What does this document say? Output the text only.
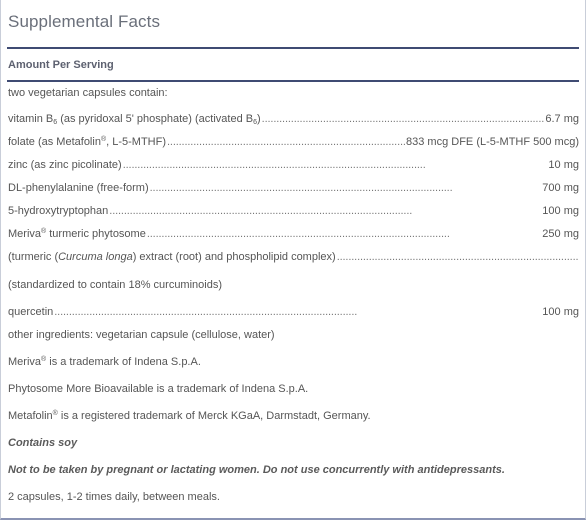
Supplemental Facts
Amount Per Serving
two vegetarian capsules contain:
vitamin $B_6$ (as pyridoxal 5' phosphate) (activated $B_6$) . . .	6.7 mg
folate (as Metafolin®, L-5-MTHF) . . .	833 mcg DFE (L-5-MTHF 500 mcg)
zinc (as zinc picolinate) . . .	10 mg
DL-phenylalanine (free-form) . . .	700 mg
5-hydroxytryptophan . . .	100 mg
Meriva® turmeric phytosome . . .	250 mg
(turmeric (Curcuma longa) extract (root) and phospholipid complex)
. . .
(standardized to contain 18% curcuminoids)
quercetin . . .	100 mg
other ingredients: vegetarian capsule (cellulose, water)
Meriva® is a trademark of Indena S.p.A.
Phytosome More Bioavailable is a trademark of Indena S.p.A.
Metafolin® is a registered trademark of Merck KGaA, Darmstadt, Germany.
Contains soy
Not to be taken by pregnant or lactating women. Do not use concurrently with antidepressants.
2 capsules, 1-2 times daily, between meals.
